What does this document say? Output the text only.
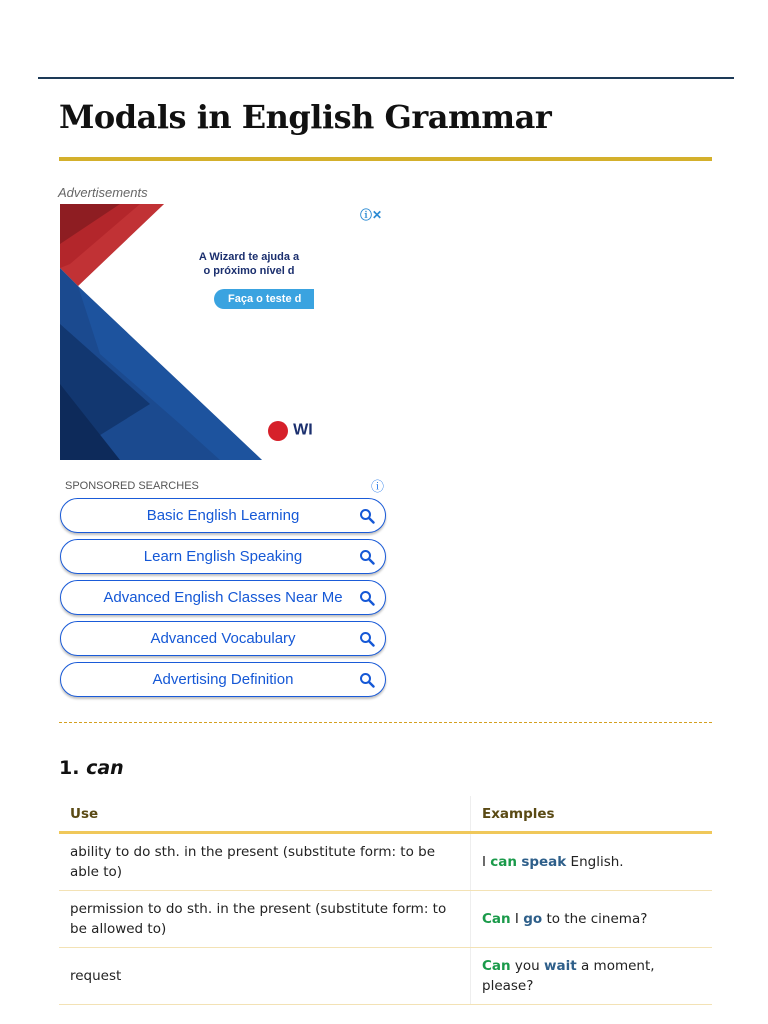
Modals in English Grammar
Advertisements
ⓘ✕
A Wizard te ajuda a
o próximo nível d
Faça o teste d
WI
SPONSORED SEARCHES	ⓘ
Basic English Learning
Learn English Speaking
Advanced English Classes Near Me
Advanced Vocabulary
Advertising Definition
1. can
Use	Examples
ability to do sth. in the present (substitute form: to be able to)	I can speak English.
permission to do sth. in the present (substitute form: to be allowed to)	Can I go to the cinema?
request	Can you wait a moment, please?
